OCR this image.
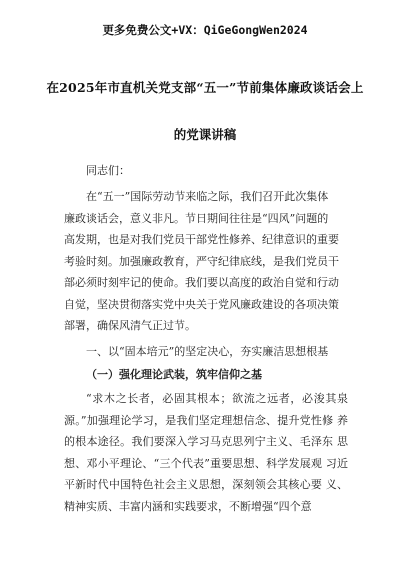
更多免费公文+VX：QiGeGongWen2024
在2025年市直机关党支部“五一”节前集体廉政谈话会上
的党课讲稿
同志们：
在“五一”国际劳动节来临之际，我们召开此次集体
廉政谈话会，意义非凡。节日期间往往是“四风”问题的
高发期，也是对我们党员干部党性修养、纪律意识的重要
考验时刻。加强廉政教育，严守纪律底线，是我们党员干
部必须时刻牢记的使命。我们要以高度的政治自觉和行动
自觉，坚决贯彻落实党中央关于党风廉政建设的各项决策
部署，确保风清气正过节。
一、以“固本培元”的坚定决心，夯实廉洁思想根基
（一）强化理论武装，筑牢信仰之基
“求木之长者，必固其根本；欲流之远者，必浚其泉 源。”加强理论学习，是我们坚定理想信念、提升党性修 养的根本途径。我们要深入学习马克思列宁主义、毛泽东 思想、邓小平理论、“三个代表”重要思想、科学发展观 习近平新时代中国特色社会主义思想，深刻领会其核心要 义、精神实质、丰富内涵和实践要求，不断增强“四个意
